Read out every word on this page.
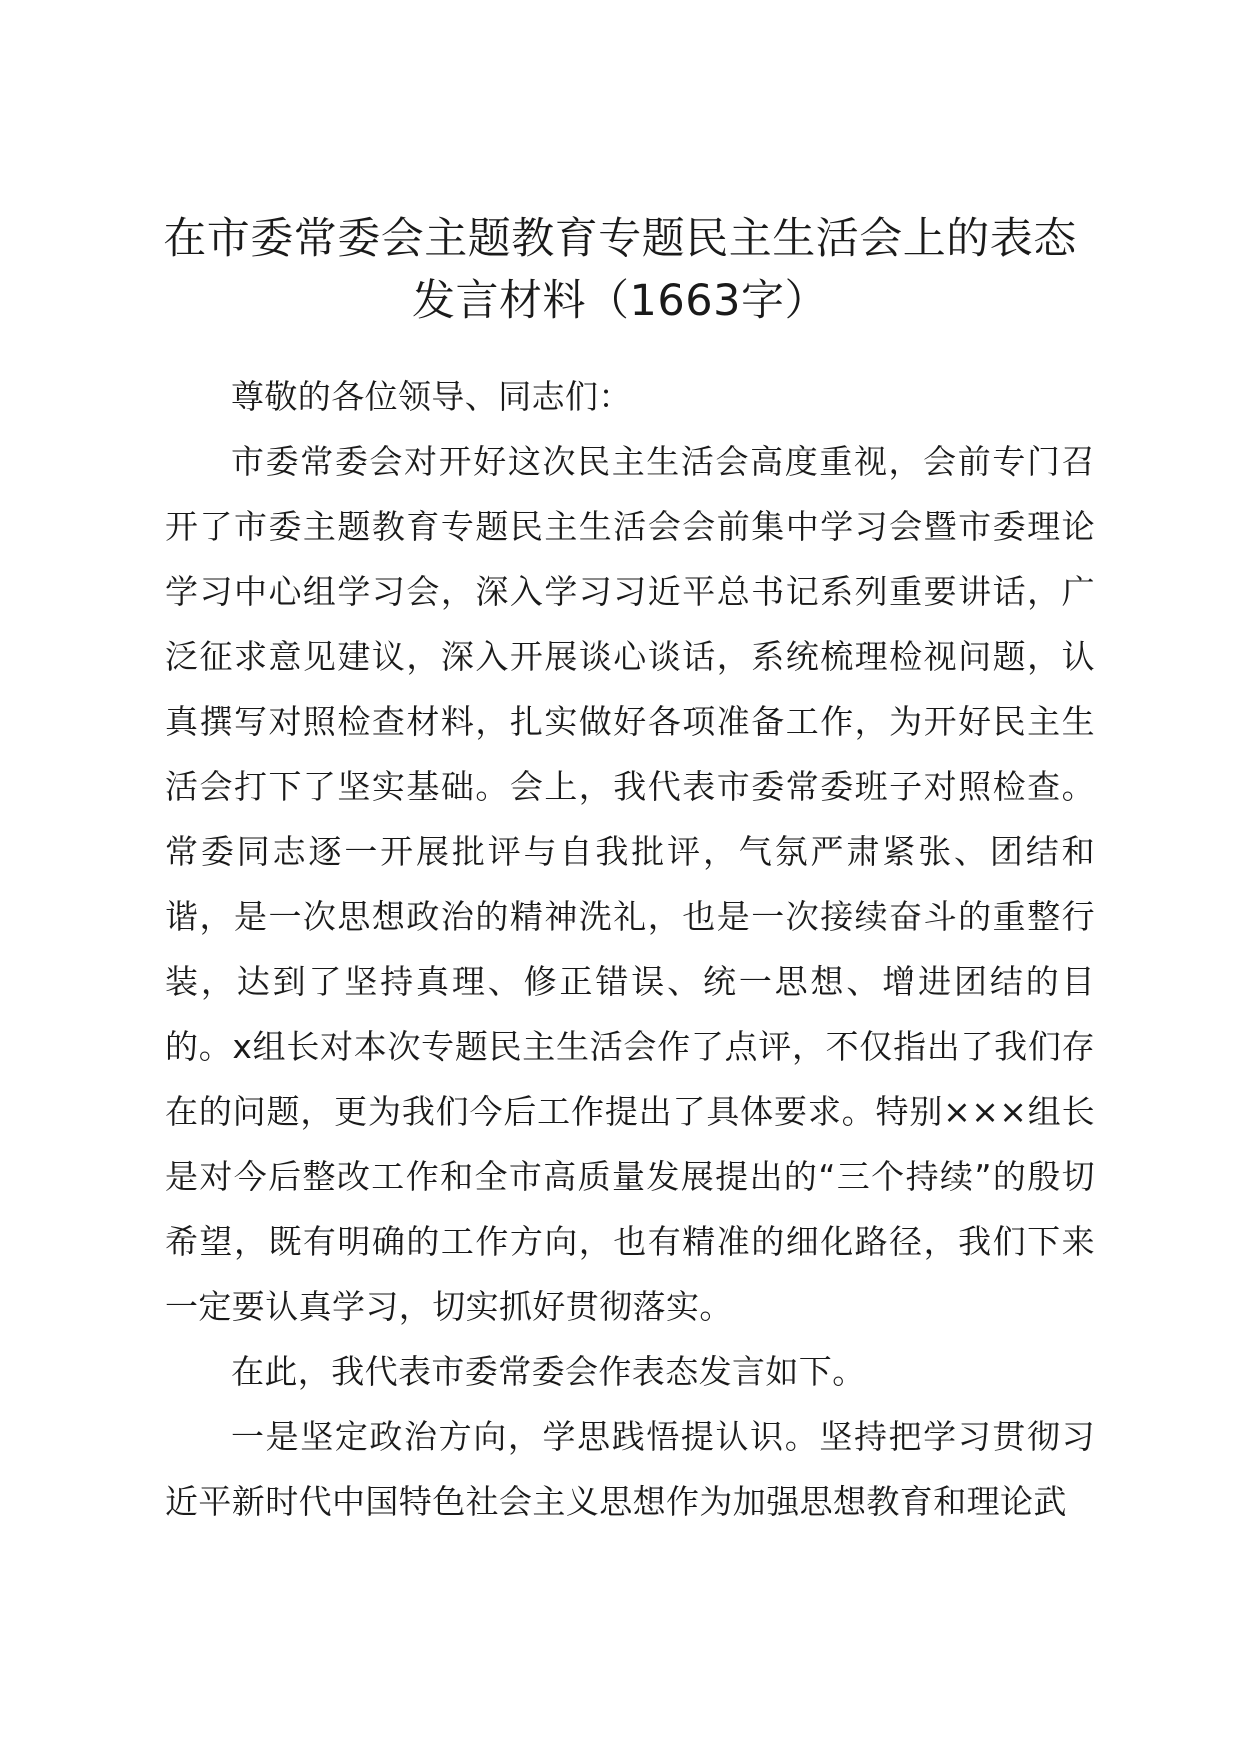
在市委常委会主题教育专题民主生活会上的表态发言材料（1663字）

尊敬的各位领导、同志们：

市委常委会对开好这次民主生活会高度重视，会前专门召开了市委主题教育专题民主生活会会前集中学习会暨市委理论学习中心组学习会，深入学习习近平总书记系列重要讲话，广泛征求意见建议，深入开展谈心谈话，系统梳理检视问题，认真撰写对照检查材料，扎实做好各项准备工作，为开好民主生活会打下了坚实基础。会上，我代表市委常委班子对照检查。常委同志逐一开展批评与自我批评，气氛严肃紧张、团结和谐，是一次思想政治的精神洗礼，也是一次接续奋斗的重整行装，达到了坚持真理、修正错误、统一思想、增进团结的目的。x组长对本次专题民主生活会作了点评，不仅指出了我们存在的问题，更为我们今后工作提出了具体要求。特别×××组长是对今后整改工作和全市高质量发展提出的“三个持续”的殷切希望，既有明确的工作方向，也有精准的细化路径，我们下来一定要认真学习，切实抓好贯彻落实。

在此，我代表市委常委会作表态发言如下。

一是坚定政治方向，学思践悟提认识。坚持把学习贯彻习近平新时代中国特色社会主义思想作为加强思想教育和理论武
